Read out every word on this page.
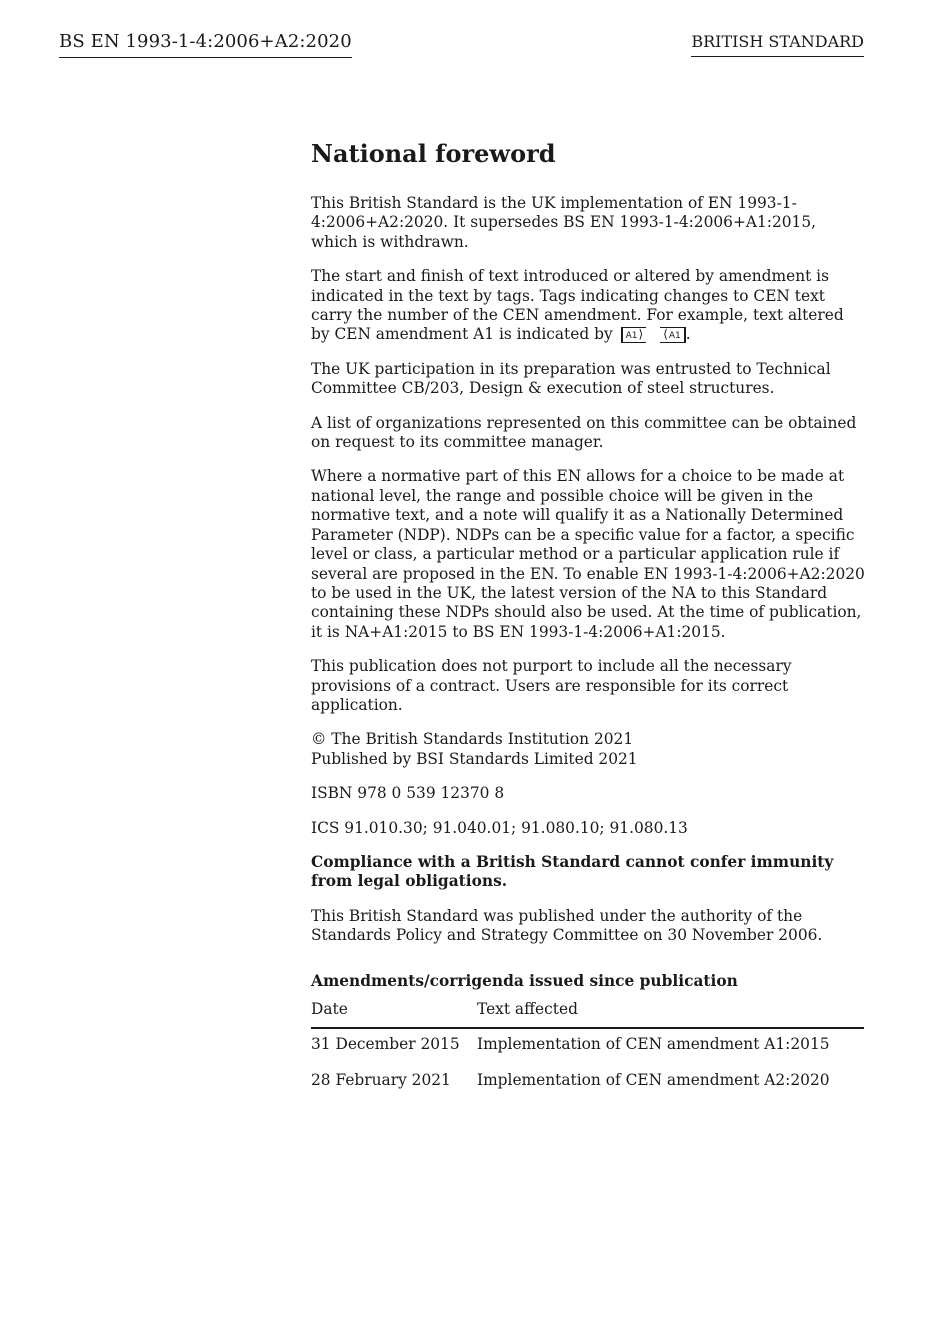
BS EN 1993-1-4:2006+A2:2020	BRITISH STANDARD
National foreword

This British Standard is the UK implementation of EN 1993-1-4:2006+A2:2020. It supersedes BS EN 1993-1-4:2006+A1:2015, which is withdrawn.

The start and finish of text introduced or altered by amendment is indicated in the text by tags. Tags indicating changes to CEN text carry the number of the CEN amendment. For example, text altered by CEN amendment A1 is indicated by A1 ⟩	⟨ A1 .

The UK participation in its preparation was entrusted to Technical Committee CB/203, Design & execution of steel structures.

A list of organizations represented on this committee can be obtained on request to its committee manager.

Where a normative part of this EN allows for a choice to be made at national level, the range and possible choice will be given in the normative text, and a note will qualify it as a Nationally Determined Parameter (NDP). NDPs can be a specific value for a factor, a specific level or class, a particular method or a particular application rule if several are proposed in the EN. To enable EN 1993-1-4:2006+A2:2020 to be used in the UK, the latest version of the NA to this Standard containing these NDPs should also be used. At the time of publication, it is NA+A1:2015 to BS EN 1993-1-4:2006+A1:2015.

This publication does not purport to include all the necessary provisions of a contract. Users are responsible for its correct application.

© The British Standards Institution 2021
Published by BSI Standards Limited 2021

ISBN 978 0 539 12370 8

ICS 91.010.30; 91.040.01; 91.080.10; 91.080.13

Compliance with a British Standard cannot confer immunity from legal obligations.

This British Standard was published under the authority of the Standards Policy and Strategy Committee on 30 November 2006.

Amendments/corrigenda issued since publication
Date	Text affected
31 December 2015	Implementation of CEN amendment A1:2015
28 February 2021	Implementation of CEN amendment A2:2020
